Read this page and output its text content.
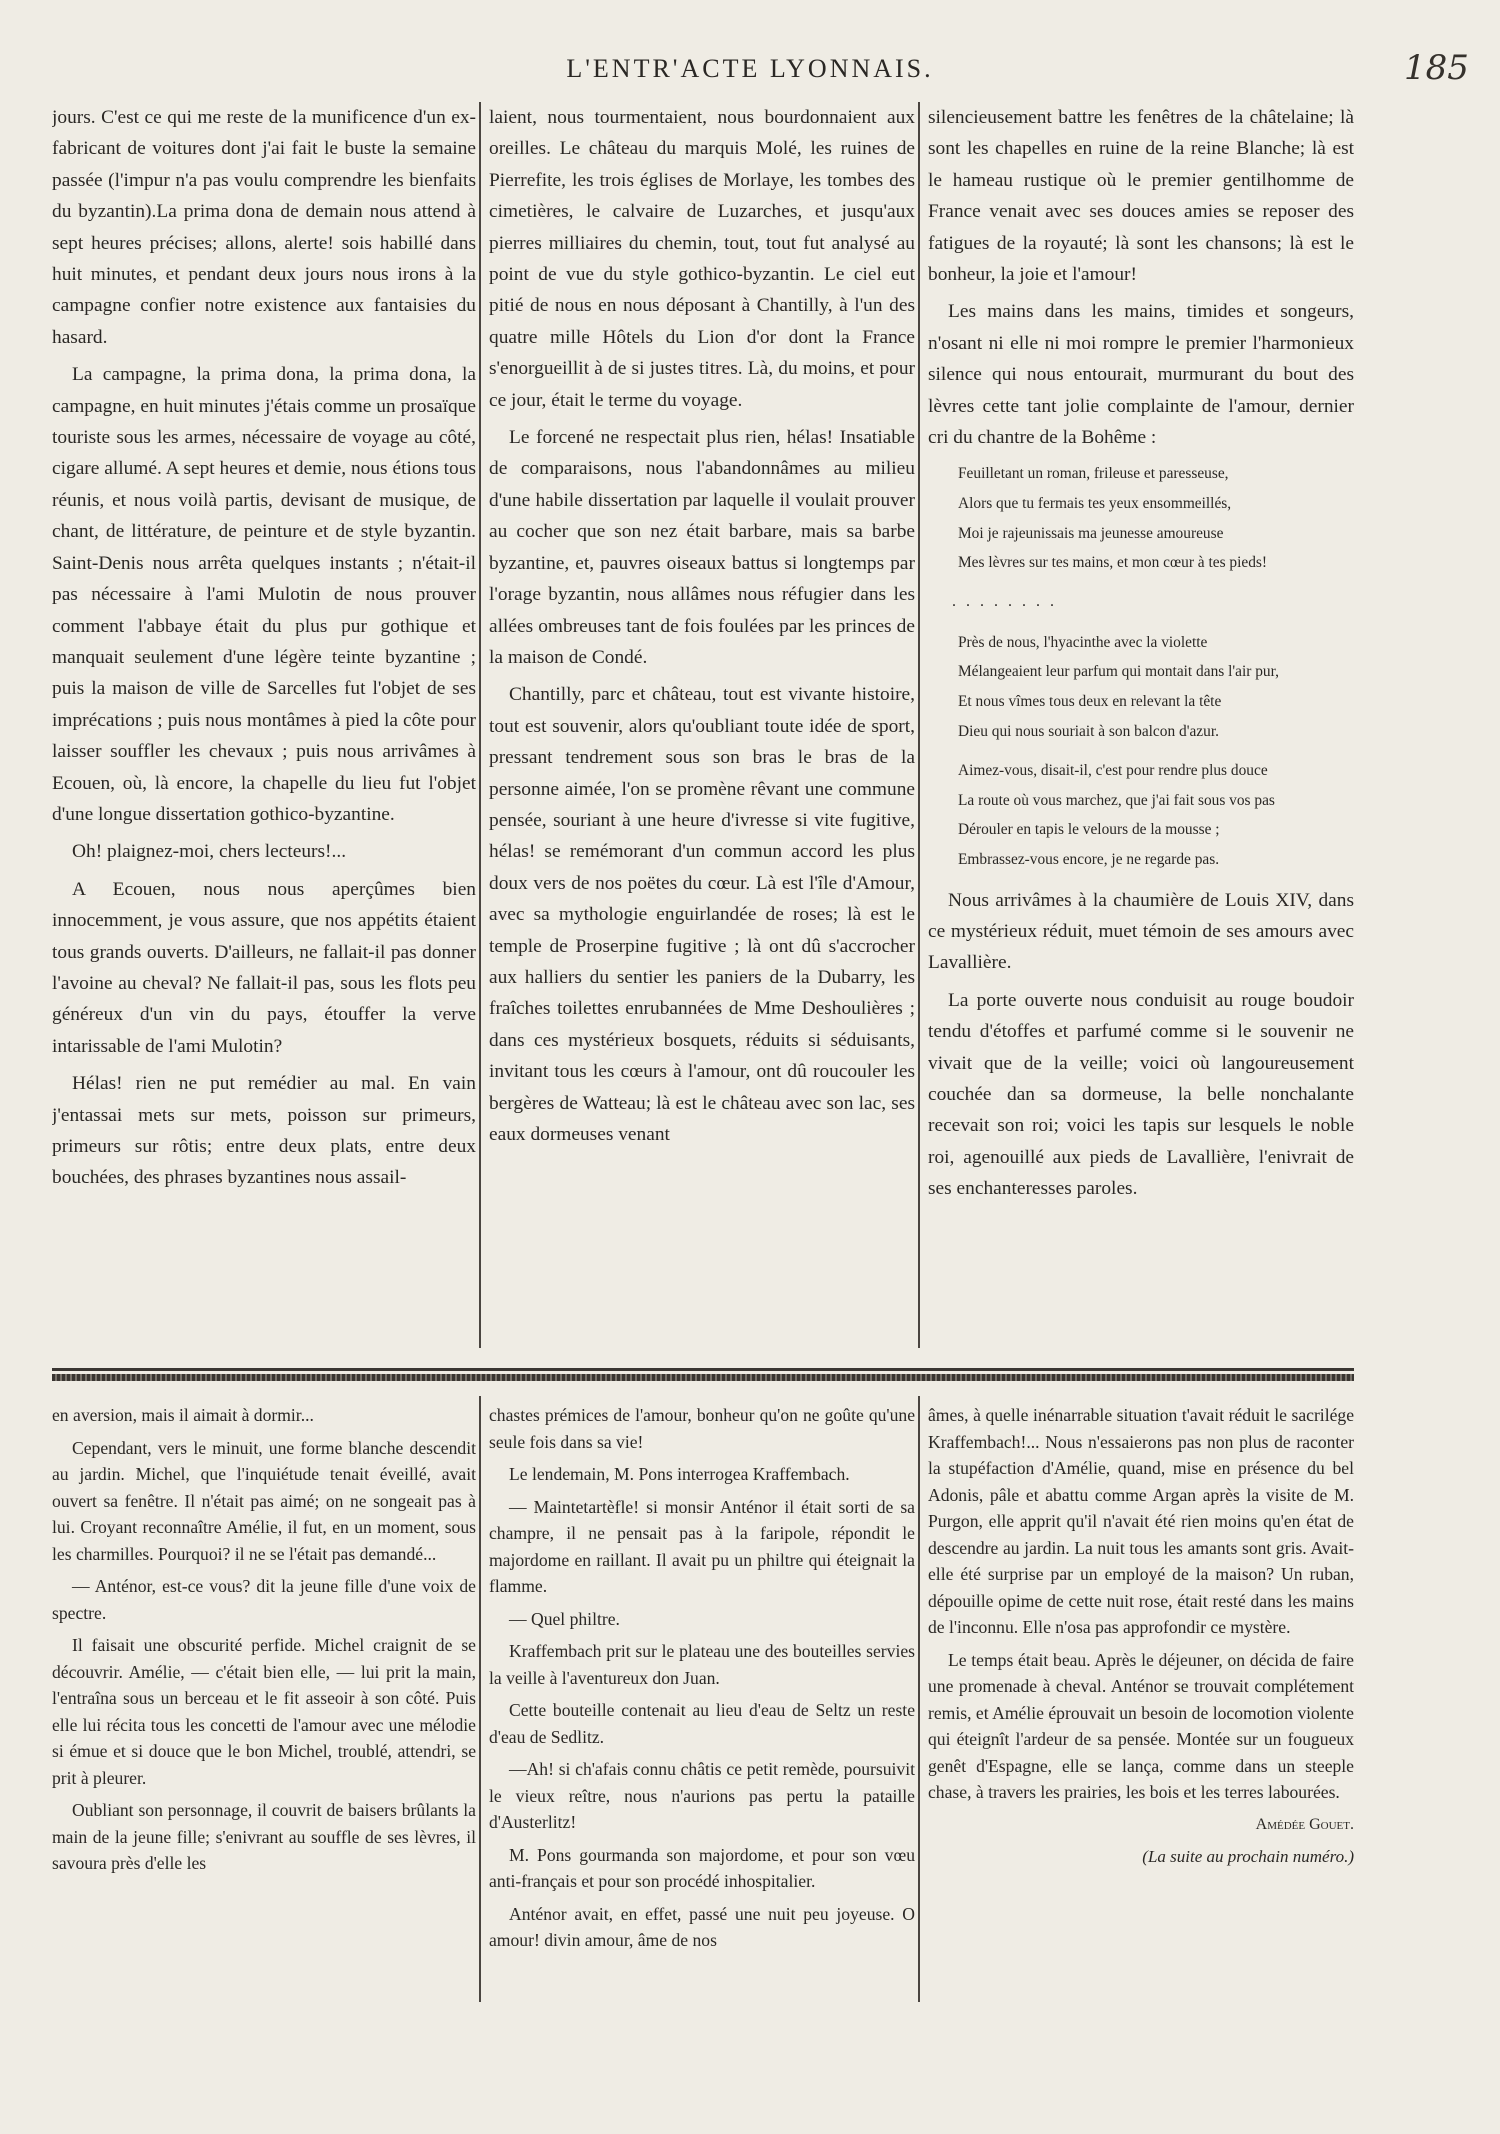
L'ENTR'ACTE LYONNAIS.	185

jours. C'est ce qui me reste de la munificence d'un ex-fabricant de voitures dont j'ai fait le buste la semaine passée (l'impur n'a pas voulu comprendre les bienfaits du byzantin).La prima dona de demain nous attend à sept heures précises; allons, alerte! sois habillé dans huit minutes, et pendant deux jours nous irons à la campagne confier notre existence aux fantaisies du hasard.

La campagne, la prima dona, la prima dona, la campagne, en huit minutes j'étais comme un prosaïque touriste sous les armes, nécessaire de voyage au côté, cigare allumé. A sept heures et demie, nous étions tous réunis, et nous voilà partis, devisant de musique, de chant, de littérature, de peinture et de style byzantin. Saint-Denis nous arrêta quelques instants ; n'était-il pas nécessaire à l'ami Mulotin de nous prouver comment l'abbaye était du plus pur gothique et manquait seulement d'une légère teinte byzantine ; puis la maison de ville de Sarcelles fut l'objet de ses imprécations ; puis nous montâmes à pied la côte pour laisser souffler les chevaux ; puis nous arrivâmes à Ecouen, où, là encore, la chapelle du lieu fut l'objet d'une longue dissertation gothico-byzantine.

Oh! plaignez-moi, chers lecteurs!...

A Ecouen, nous nous aperçûmes bien innocemment, je vous assure, que nos appétits étaient tous grands ouverts. D'ailleurs, ne fallait-il pas donner l'avoine au cheval? Ne fallait-il pas, sous les flots peu généreux d'un vin du pays, étouffer la verve intarissable de l'ami Mulotin?

Hélas! rien ne put remédier au mal. En vain j'entassai mets sur mets, poisson sur primeurs, primeurs sur rôtis; entre deux plats, entre deux bouchées, des phrases byzantines nous assail-

laient, nous tourmentaient, nous bourdonnaient aux oreilles. Le château du marquis Molé, les ruines de Pierrefite, les trois églises de Morlaye, les tombes des cimetières, le calvaire de Luzarches, et jusqu'aux pierres milliaires du chemin, tout, tout fut analysé au point de vue du style gothico-byzantin. Le ciel eut pitié de nous en nous déposant à Chantilly, à l'un des quatre mille Hôtels du Lion d'or dont la France s'enorgueillit à de si justes titres. Là, du moins, et pour ce jour, était le terme du voyage.

Le forcené ne respectait plus rien, hélas! Insatiable de comparaisons, nous l'abandonnâmes au milieu d'une habile dissertation par laquelle il voulait prouver au cocher que son nez était barbare, mais sa barbe byzantine, et, pauvres oiseaux battus si longtemps par l'orage byzantin, nous allâmes nous réfugier dans les allées ombreuses tant de fois foulées par les princes de la maison de Condé.

Chantilly, parc et château, tout est vivante histoire, tout est souvenir, alors qu'oubliant toute idée de sport, pressant tendrement sous son bras le bras de la personne aimée, l'on se promène rêvant une commune pensée, souriant à une heure d'ivresse si vite fugitive, hélas! se remémorant d'un commun accord les plus doux vers de nos poëtes du cœur. Là est l'île d'Amour, avec sa mythologie enguirlandée de roses; là est le temple de Proserpine fugitive ; là ont dû s'accrocher aux halliers du sentier les paniers de la Dubarry, les fraîches toilettes enrubannées de Mme Deshoulières ; dans ces mystérieux bosquets, réduits si séduisants, invitant tous les cœurs à l'amour, ont dû roucouler les bergères de Watteau; là est le château avec son lac, ses eaux dormeuses venant

silencieusement battre les fenêtres de la châtelaine; là sont les chapelles en ruine de la reine Blanche; là est le hameau rustique où le premier gentilhomme de France venait avec ses douces amies se reposer des fatigues de la royauté; là sont les chansons; là est le bonheur, la joie et l'amour!

Les mains dans les mains, timides et songeurs, n'osant ni elle ni moi rompre le premier l'harmonieux silence qui nous entourait, murmurant du bout des lèvres cette tant jolie complainte de l'amour, dernier cri du chantre de la Bohême :

Feuilletant un roman, frileuse et paresseuse,
Alors que tu fermais tes yeux ensommeillés,
Moi je rajeunissais ma jeunesse amoureuse
Mes lèvres sur tes mains, et mon cœur à tes pieds!
........
Près de nous, l'hyacinthe avec la violette
Mélangeaient leur parfum qui montait dans l'air pur,
Et nous vîmes tous deux en relevant la tête
Dieu qui nous souriait à son balcon d'azur.
Aimez-vous, disait-il, c'est pour rendre plus douce
La route où vous marchez, que j'ai fait sous vos pas
Dérouler en tapis le velours de la mousse ;
Embrassez-vous encore, je ne regarde pas.

Nous arrivâmes à la chaumière de Louis XIV, dans ce mystérieux réduit, muet témoin de ses amours avec Lavallière.

La porte ouverte nous conduisit au rouge boudoir tendu d'étoffes et parfumé comme si le souvenir ne vivait que de la veille; voici où langoureusement couchée dan sa dormeuse, la belle nonchalante recevait son roi; voici les tapis sur lesquels le noble roi, agenouillé aux pieds de Lavallière, l'enivrait de ses enchanteresses paroles.

en aversion, mais il aimait à dormir...

Cependant, vers le minuit, une forme blanche descendit au jardin. Michel, que l'inquiétude tenait éveillé, avait ouvert sa fenêtre. Il n'était pas aimé; on ne songeait pas à lui. Croyant reconnaître Amélie, il fut, en un moment, sous les charmilles. Pourquoi? il ne se l'était pas demandé...

— Anténor, est-ce vous? dit la jeune fille d'une voix de spectre.

Il faisait une obscurité perfide. Michel craignit de se découvrir. Amélie, — c'était bien elle, — lui prit la main, l'entraîna sous un berceau et le fit asseoir à son côté. Puis elle lui récita tous les concetti de l'amour avec une mélodie si émue et si douce que le bon Michel, troublé, attendri, se prit à pleurer.

Oubliant son personnage, il couvrit de baisers brûlants la main de la jeune fille; s'enivrant au souffle de ses lèvres, il savoura près d'elle les

chastes prémices de l'amour, bonheur qu'on ne goûte qu'une seule fois dans sa vie!

Le lendemain, M. Pons interrogea Kraffembach.

— Maintetartèfle! si monsir Anténor il était sorti de sa champre, il ne pensait pas à la faripole, répondit le majordome en raillant. Il avait pu un philtre qui éteignait la flamme.

— Quel philtre.

Kraffembach prit sur le plateau une des bouteilles servies la veille à l'aventureux don Juan.

Cette bouteille contenait au lieu d'eau de Seltz un reste d'eau de Sedlitz.

—Ah! si ch'afais connu châtis ce petit remède, poursuivit le vieux reître, nous n'aurions pas pertu la pataille d'Austerlitz!

M. Pons gourmanda son majordome, et pour son vœu anti-français et pour son procédé inhospitalier.

Anténor avait, en effet, passé une nuit peu joyeuse. O amour! divin amour, âme de nos

âmes, à quelle inénarrable situation t'avait réduit le sacrilége Kraffembach!... Nous n'essaierons pas non plus de raconter la stupéfaction d'Amélie, quand, mise en présence du bel Adonis, pâle et abattu comme Argan après la visite de M. Purgon, elle apprit qu'il n'avait été rien moins qu'en état de descendre au jardin. La nuit tous les amants sont gris. Avait-elle été surprise par un employé de la maison? Un ruban, dépouille opime de cette nuit rose, était resté dans les mains de l'inconnu. Elle n'osa pas approfondir ce mystère.

Le temps était beau. Après le déjeuner, on décida de faire une promenade à cheval. Anténor se trouvait complétement remis, et Amélie éprouvait un besoin de locomotion violente qui éteignît l'ardeur de sa pensée. Montée sur un fougueux genêt d'Espagne, elle se lança, comme dans un steeple chase, à travers les prairies, les bois et les terres labourées.

Amédée Gouet.

(La suite au prochain numéro.)
